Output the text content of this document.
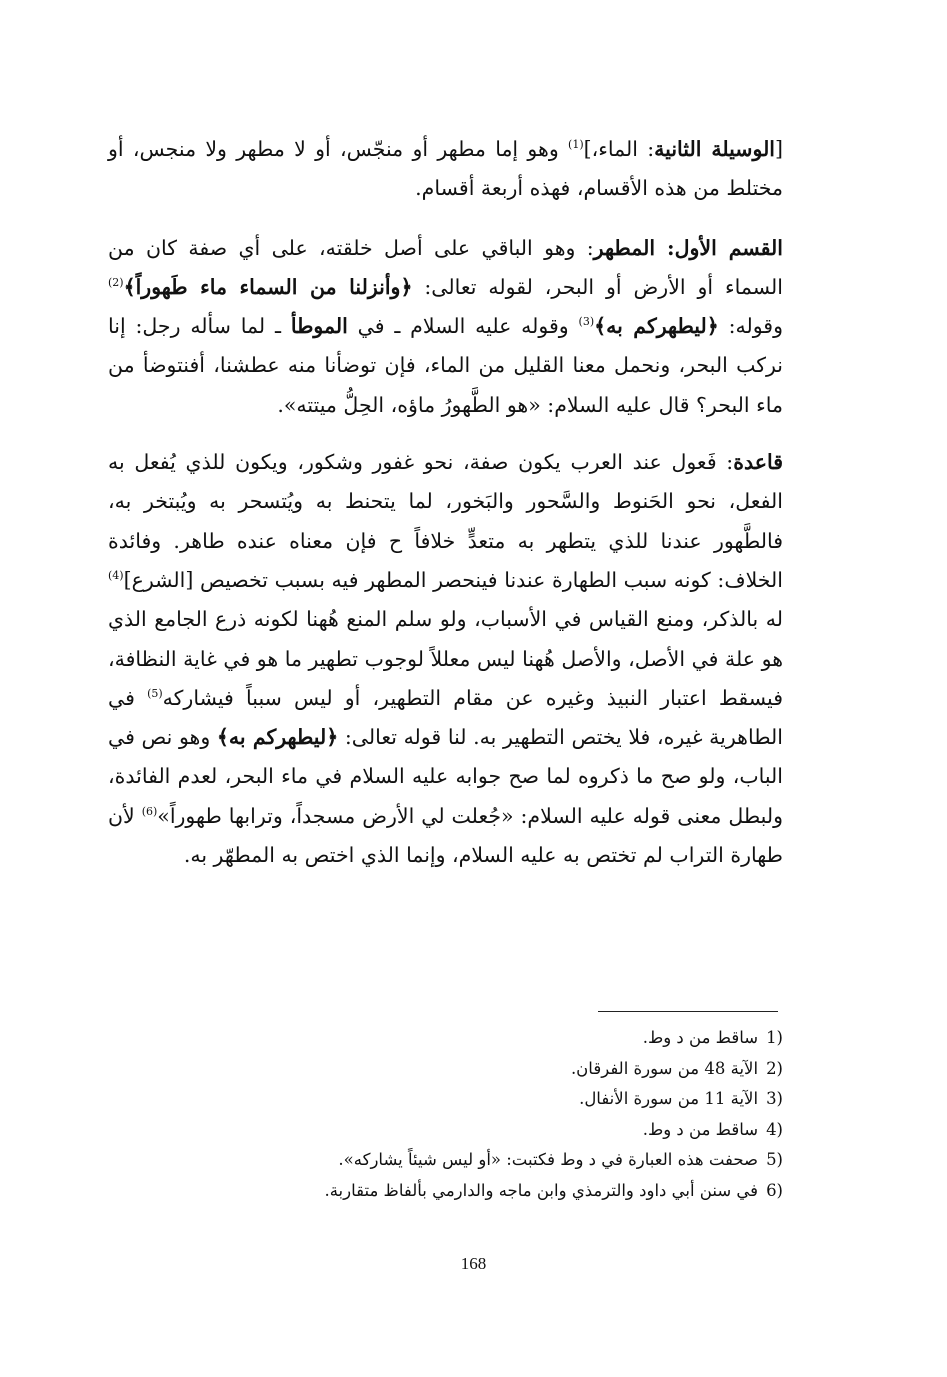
[الوسيلة الثانية: الماء،]$^{(1)}$ وهو إما مطهر أو منجّس، أو لا مطهر ولا منجس، أو مختلط من هذه الأقسام، فهذه أربعة أقسام.

القسم الأول: المطهر: وهو الباقي على أصل خلقته، على أي صفة كان من السماء أو الأرض أو البحر، لقوله تعالى: ﴿وأنزلنا من السماء ماء طَهوراً﴾$^{(2)}$ وقوله: ﴿ليطهركم به﴾$^{(3)}$ وقوله عليه السلام ـ في الموطأ ـ لما سأله رجل: إنا نركب البحر، ونحمل معنا القليل من الماء، فإن توضأنا منه عطشنا، أفنتوضأ من ماء البحر؟ قال عليه السلام: «هو الطَّهورُ ماؤه، الحِلُّ ميتته».

قاعدة: فَعول عند العرب يكون صفة، نحو غفور وشكور، ويكون للذي يُفعل به الفعل، نحو الحَنوط والسَّحور والبَخور، لما يتحنط به ويُتسحر به ويُبتخر به، فالطَّهور عندنا للذي يتطهر به متعدٍّ خلافاً ح فإن معناه عنده طاهر. وفائدة الخلاف: كونه سبب الطهارة عندنا فينحصر المطهر فيه بسبب تخصيص [الشرع]$^{(4)}$ له بالذكر، ومنع القياس في الأسباب، ولو سلم المنع هُهنا لكونه ذرع الجامع الذي هو علة في الأصل، والأصل هُهنا ليس معللاً لوجوب تطهير ما هو في غاية النظافة، فيسقط اعتبار النبيذ وغيره عن مقام التطهير، أو ليس سبباً فيشاركه$^{(5)}$ في الطاهرية غيره، فلا يختص التطهير به. لنا قوله تعالى: ﴿ليطهركم به﴾ وهو نص في الباب، ولو صح ما ذكروه لما صح جوابه عليه السلام في ماء البحر، لعدم الفائدة، ولبطل معنى قوله عليه السلام: «جُعلت لي الأرض مسجداً، وترابها طهوراً»$^{(6)}$ لأن طهارة التراب لم تختص به عليه السلام، وإنما الذي اختص به المطهّر به.

1)ساقط من د وط.
2)الآية 48 من سورة الفرقان.
3)الآية 11 من سورة الأنفال.
4)ساقط من د وط.
5)صحفت هذه العبارة في د وط فكتبت: «أو ليس شيئاً يشاركه».
6)في سنن أبي داود والترمذي وابن ماجه والدارمي بألفاظ متقاربة.
168
